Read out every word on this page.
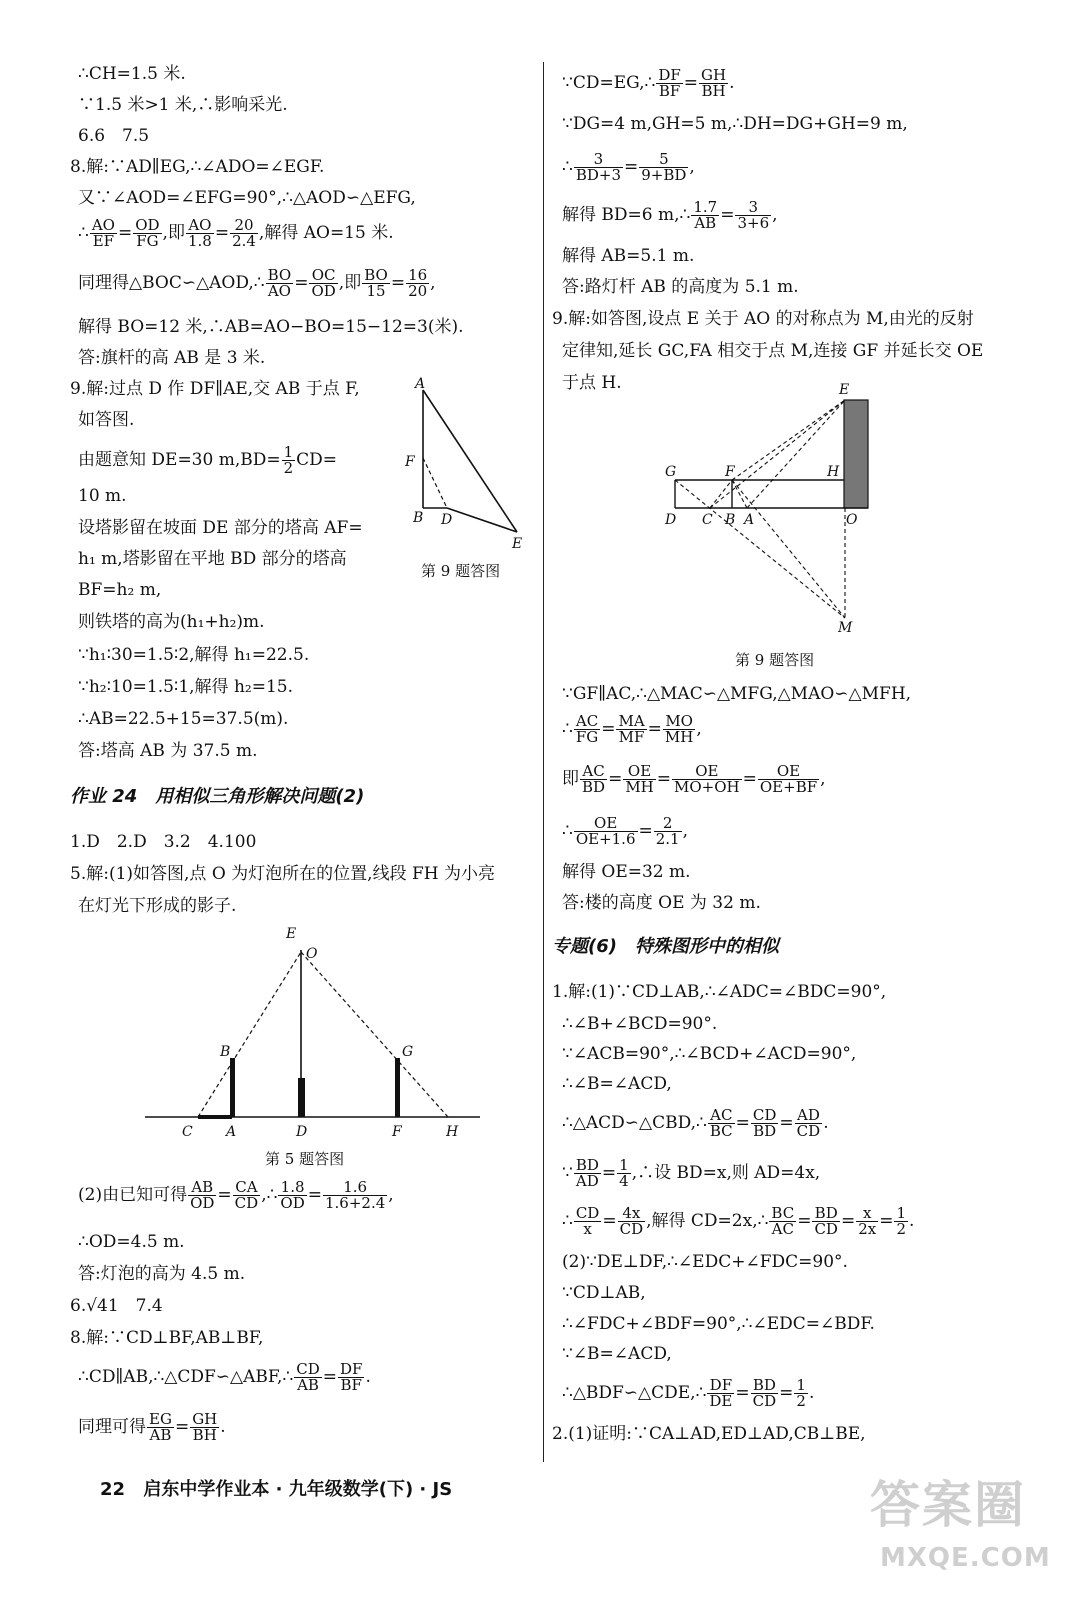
∴CH=1.5 米.
∵1.5 米>1 米,∴影响采光.
6.6　7.5
8.解:∵AD∥EG,∴∠ADO=∠EGF.
又∵∠AOD=∠EFG=90°,∴△AOD∽△EFG,
∴ $\frac{AO}{EF} = \frac{OD}{FG}$ ,即 $\frac{AO}{1.8} = \frac{20}{2.4}$ ,解得 AO=15 米.
同理得△BOC∽△AOD,∴ $\frac{BO}{AO} = \frac{OC}{OD}$ ,即 $\frac{BO}{15} = \frac{16}{20}$ ,
解得 BO=12 米,∴AB=AO−BO=15−12=3(米).
答:旗杆的高 AB 是 3 米.
9.解:过点 D 作 DF∥AE,交 AB 于点 F,
如答图.
由题意知 DE=30 $m,BD= \frac{1}{2} CD=$
10 m.
设塔影留在坡面 DE 部分的塔高 AF=
h₁ m,塔影留在平地 BD 部分的塔高
BF=h₂ m,
则铁塔的高为(h₁+h₂)m.
∵h₁∶30=1.5∶2,解得 h₁=22.5.
∵h₂∶10=1.5∶1,解得 h₂=15.
∴AB=22.5+15=37.5(m).
答:塔高 AB 为 37.5 m.
作业 24　用相似三角形解决问题(2)
1.D　2.D　3.2　4.100
5.解:(1)如答图,点 O 为灯泡所在的位置,线段 FH 为小亮
在灯光下形成的影子.
(2)由已知可得 $\frac{AB}{OD} = \frac{CA}{CD}$ ,∴ $\frac{1.8}{OD} = \frac{1.6}{1.6+2.4}$ ,
∴OD=4.5 m.
答:灯泡的高为 4.5 m.
6.√41　7.4
8.解:∵CD⊥BF,AB⊥BF,
∴CD∥AB,∴△CDF∽△ABF,∴ $\frac{CD}{AB} = \frac{DF}{BF}$ .
同理可得 $\frac{EG}{AB} = \frac{GH}{BH}$ .
A
F
B D
E
第 9 题答图
E
O
B	G
C A	D	F	H
第 5 题答图
∵CD=EG,∴ $\frac{DF}{BF} = \frac{GH}{BH}$ .
∵DG=4 m,GH=5 m,∴DH=DG+GH=9 m,
∴ $\frac{3}{BD+3} = \frac{5}{9+BD}$ ,
解得 BD=6 m,∴ $\frac{1.7}{AB} = \frac{3}{3+6}$ ,
解得 AB=5.1 m.
答:路灯杆 AB 的高度为 5.1 m.
9.解:如答图,设点 E 关于 AO 的对称点为 M,由光的反射
定律知,延长 GC,FA 相交于点 M,连接 GF 并延长交 OE
于点 H.
∵GF∥AC,∴△MAC∽△MFG,△MAO∽△MFH,
∴ $\frac{AC}{FG} = \frac{MA}{MF} = \frac{MO}{MH}$ ,
即 $\frac{AC}{BD} = \frac{OE}{MH} = \frac{OE}{MO+OH} = \frac{OE}{OE+BF}$ ,
∴ $\frac{OE}{OE+1.6} = \frac{2}{2.1}$ ,
解得 OE=32 m.
答:楼的高度 OE 为 32 m.
专题(6)　特殊图形中的相似
1.解:(1)∵CD⊥AB,∴∠ADC=∠BDC=90°,
∴∠B+∠BCD=90°.
∵∠ACB=90°,∴∠BCD+∠ACD=90°,
∴∠B=∠ACD,
∴△ACD∽△CBD,∴ $\frac{AC}{BC} = \frac{CD}{BD} = \frac{AD}{CD}$ .
∵ $\frac{BD}{AD} = \frac{1}{4}$ ,∴设 BD=x,则 AD=4x,
∴ $\frac{CD}{x} = \frac{4x}{CD}$ ,解得 CD=2x,∴ $\frac{BC}{AC} = \frac{BD}{CD} = \frac{x}{2x} = \frac{1}{2}$ .
(2)∵DE⊥DF,∴∠EDC+∠FDC=90°.
∵CD⊥AB,
∴∠FDC+∠BDF=90°,∴∠EDC=∠BDF.
∵∠B=∠ACD,
∴△BDF∽△CDE,∴ $\frac{DF}{DE} = \frac{BD}{CD} = \frac{1}{2}$ .
2.(1)证明:∵CA⊥AD,ED⊥AD,CB⊥BE,
E
G	F	H
D C B A	O
M
第 9 题答图
22 启东中学作业本 · 九年级数学(下) · JS	答案圈
MXQE.COM
